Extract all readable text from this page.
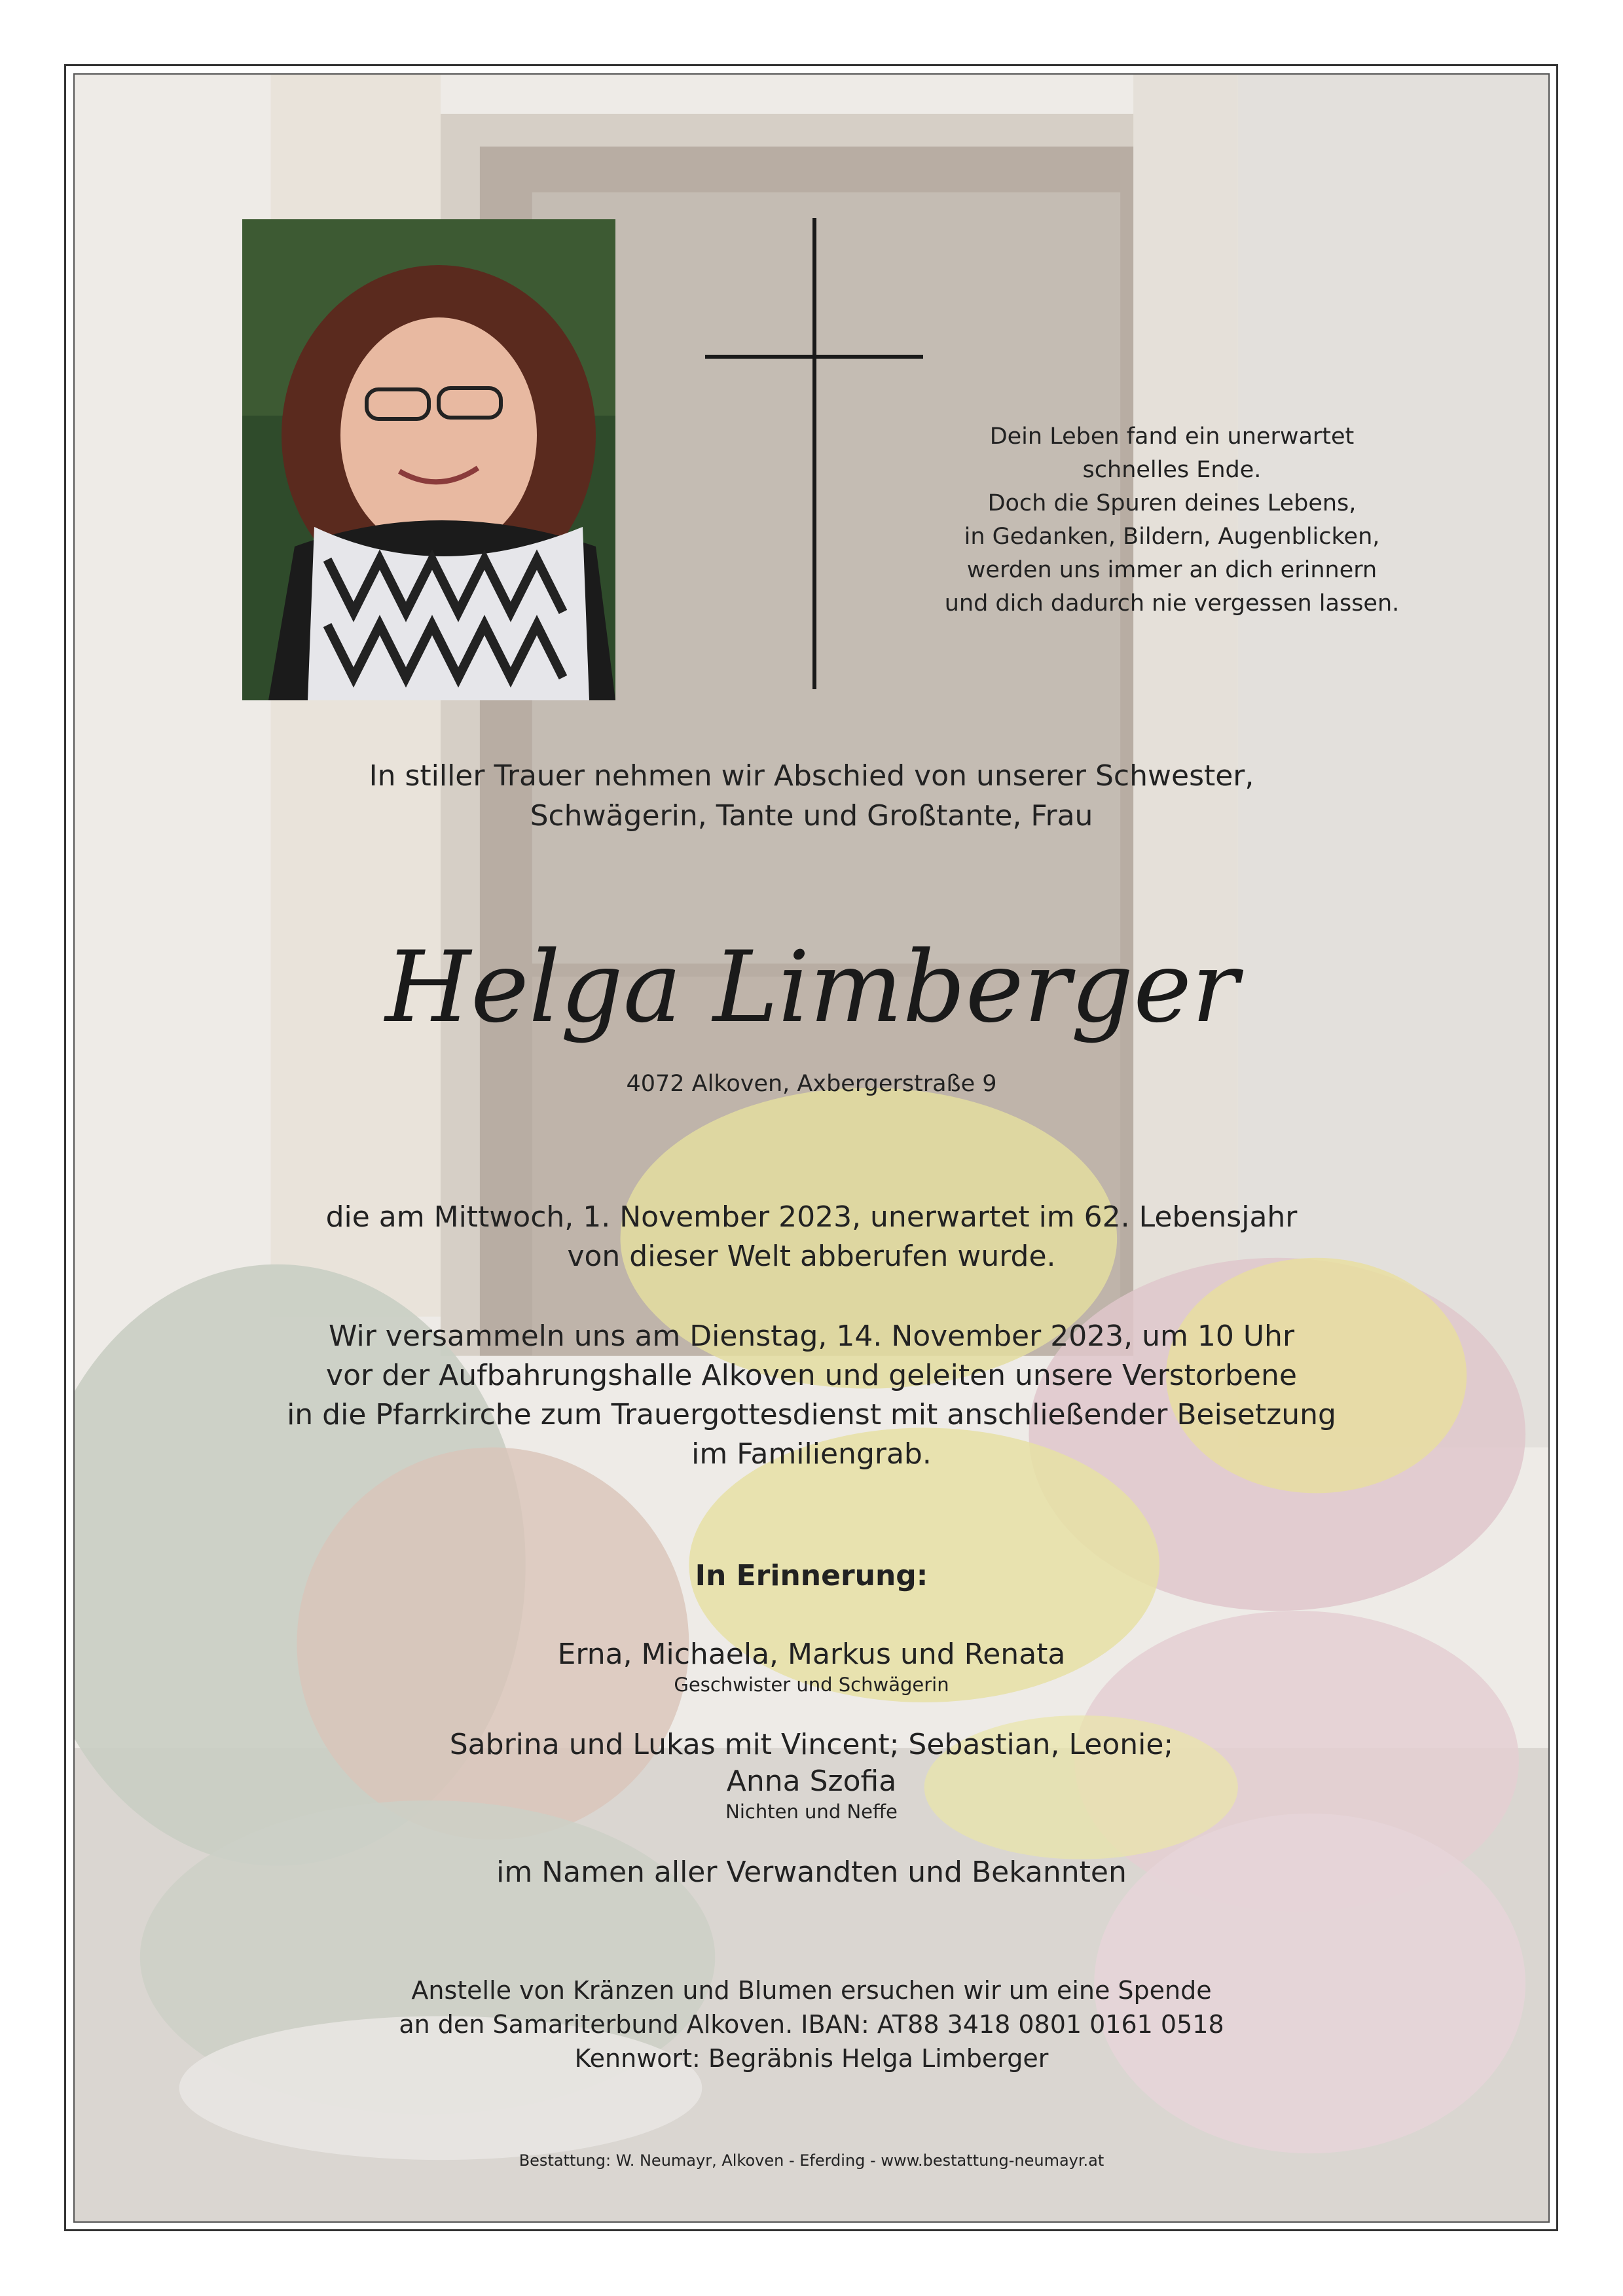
Dein Leben fand ein unerwartet
schnelles Ende.
Doch die Spuren deines Lebens,
in Gedanken, Bildern, Augenblicken,
werden uns immer an dich erinnern
und dich dadurch nie vergessen lassen.
In stiller Trauer nehmen wir Abschied von unserer Schwester,
Schwägerin, Tante und Großtante, Frau
Helga Limberger
4072 Alkoven, Axbergerstraße 9
die am Mittwoch, 1. November 2023, unerwartet im 62. Lebensjahr
von dieser Welt abberufen wurde.
Wir versammeln uns am Dienstag, 14. November 2023, um 10 Uhr
vor der Aufbahrungshalle Alkoven und geleiten unsere Verstorbene
in die Pfarrkirche zum Trauergottesdienst mit anschließender Beisetzung
im Familiengrab.
In Erinnerung:
Erna, Michaela, Markus und Renata
Geschwister und Schwägerin
Sabrina und Lukas mit Vincent; Sebastian, Leonie;
Anna Szofia
Nichten und Neffe
im Namen aller Verwandten und Bekannten
Anstelle von Kränzen und Blumen ersuchen wir um eine Spende
an den Samariterbund Alkoven. IBAN: AT88 3418 0801 0161 0518
Kennwort: Begräbnis Helga Limberger
Bestattung: W. Neumayr, Alkoven - Eferding - www.bestattung-neumayr.at
